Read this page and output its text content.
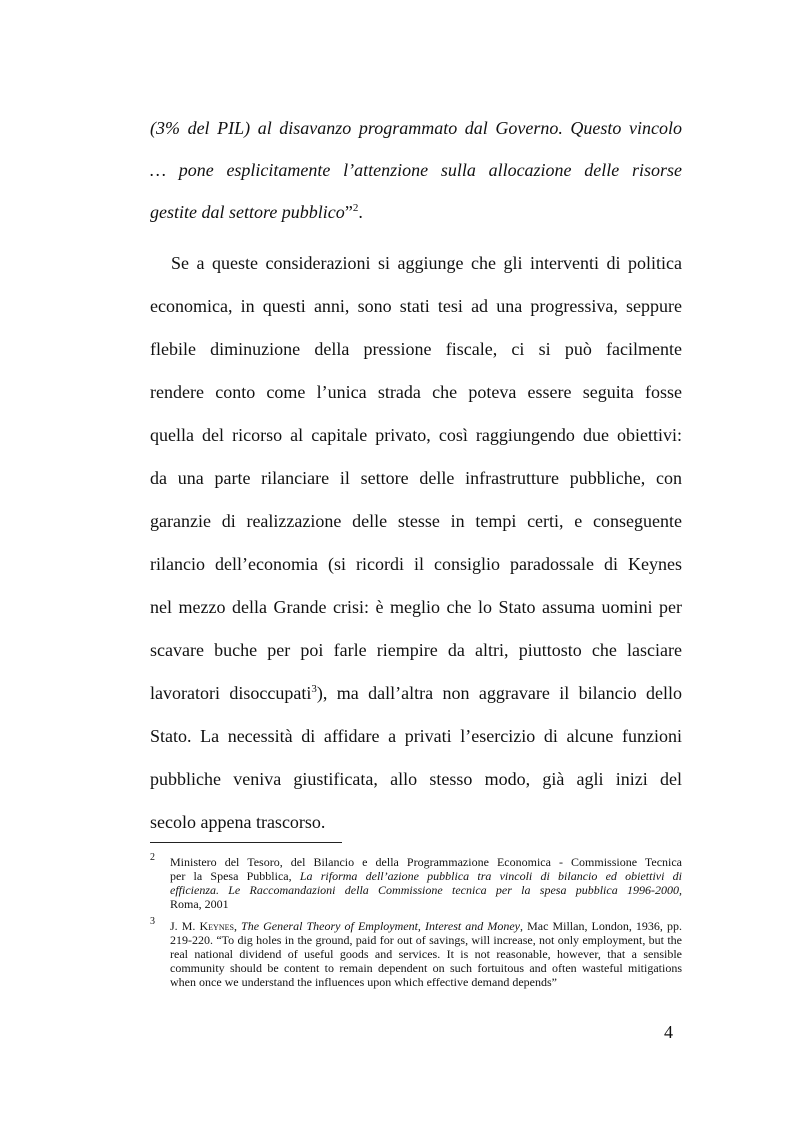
(3% del PIL) al disavanzo programmato dal Governo. Questo vincolo
… pone esplicitamente l’attenzione sulla allocazione delle risorse
gestite dal settore pubblico”$^2$.
Se a queste considerazioni si aggiunge che gli interventi di politica
economica, in questi anni, sono stati tesi ad una progressiva, seppure
flebile diminuzione della pressione fiscale, ci si può facilmente
rendere conto come l’unica strada che poteva essere seguita fosse
quella del ricorso al capitale privato, così raggiungendo due obiettivi:
da una parte rilanciare il settore delle infrastrutture pubbliche, con
garanzie di realizzazione delle stesse in tempi certi, e conseguente
rilancio dell’economia (si ricordi il consiglio paradossale di Keynes
nel mezzo della Grande crisi: è meglio che lo Stato assuma uomini per
scavare buche per poi farle riempire da altri, piuttosto che lasciare
lavoratori disoccupati$^3$), ma dall’altra non aggravare il bilancio dello
Stato. La necessità di affidare a privati l’esercizio di alcune funzioni
pubbliche veniva giustificata, allo stesso modo, già agli inizi del
secolo appena trascorso.
2 Ministero del Tesoro, del Bilancio e della Programmazione Economica - Commissione Tecnica
per la Spesa Pubblica, La riforma dell’azione pubblica tra vincoli di bilancio ed obiettivi di
efficienza. Le Raccomandazioni della Commissione tecnica per la spesa pubblica 1996-2000,
Roma, 2001
3 J. M. Keynes, The General Theory of Employment, Interest and Money, Mac Millan, London, 1936, pp.
219-220. “To dig holes in the ground, paid for out of savings, will increase, not only employment, but the
real national dividend of useful goods and services. It is not reasonable, however, that a sensible
community should be content to remain dependent on such fortuitous and often wasteful mitigations
when once we understand the influences upon which effective demand depends”
4
